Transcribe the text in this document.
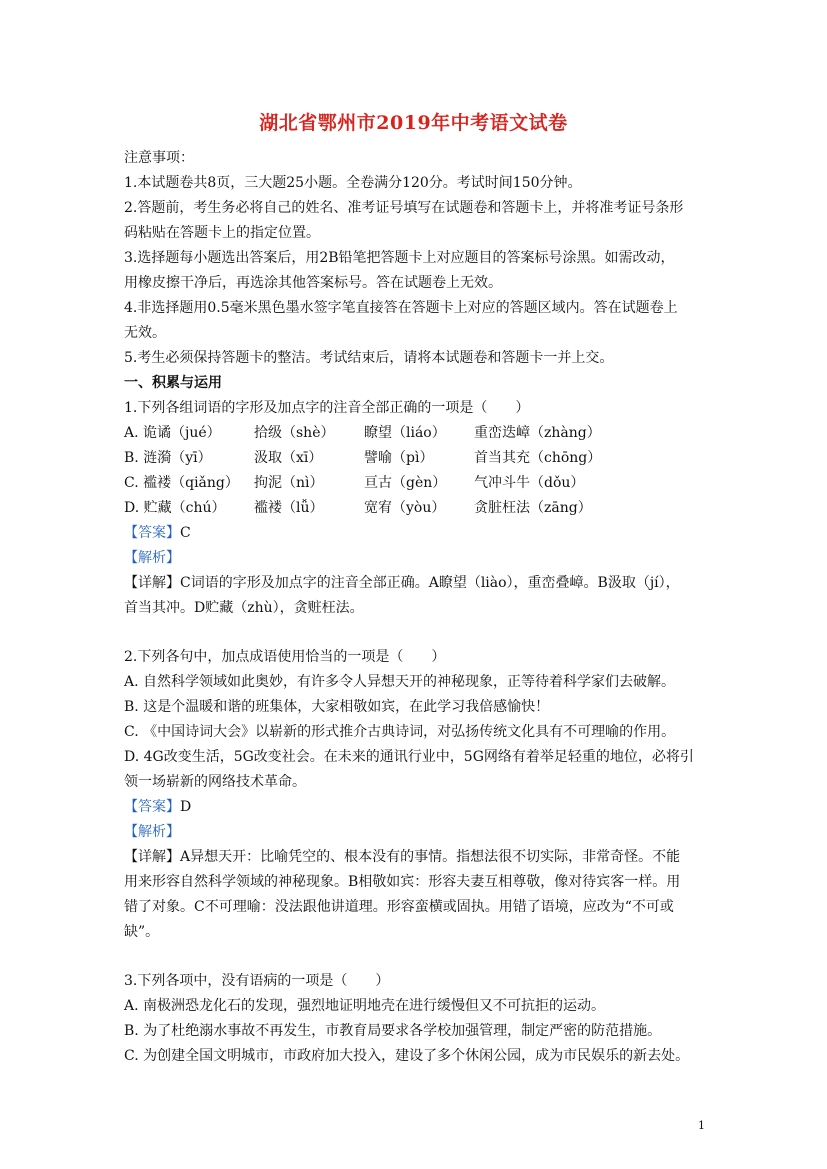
湖北省鄂州市2019年中考语文试卷
注意事项：
1.本试题卷共8页，三大题25小题。全卷满分120分。考试时间150分钟。
2.答题前，考生务必将自己的姓名、准考证号填写在试题卷和答题卡上，并将准考证号条形
码粘贴在答题卡上的指定位置。
3.选择题每小题选出答案后，用2B铅笔把答题卡上对应题目的答案标号涂黑。如需改动，
用橡皮擦干净后，再选涂其他答案标号。答在试题卷上无效。
4.非选择题用0.5毫米黑色墨水签字笔直接答在答题卡上对应的答题区域内。答在试题卷上
无效。
5.考生必须保持答题卡的整洁。考试结束后，请将本试题卷和答题卡一并上交。
一、积累与运用
1.下列各组词语的字形及加点字的注音全部正确的一项是（　　）
A. 诡谲（jué）	拾级（shè）	瞭望（liáo）	重峦迭嶂（zhàng）
B. 涟漪（yī）	汲取（xī）	譬喻（pì）	首当其充（chōng）
C. 褴褛（qiǎng）	拘泥（nì）	亘古（gèn）	气冲斗牛（dǒu）
D. 贮藏（chú）	褴褛（lǚ）	宽宥（yòu）	贪脏枉法（zāng）
【答案】C
【解析】
【详解】C词语的字形及加点字的注音全部正确。A瞭望（liào），重峦叠嶂。B汲取（jí），
首当其冲。D贮藏（zhù），贪赃枉法。
2.下列各句中，加点成语使用恰当的一项是（　　）
A. 自然科学领域如此奥妙，有许多令人异想天开的神秘现象，正等待着科学家们去破解。
B. 这是个温暖和谐的班集体，大家相敬如宾，在此学习我倍感愉快！
C. 《中国诗词大会》以崭新的形式推介古典诗词，对弘扬传统文化具有不可理喻的作用。
D. 4G改变生活，5G改变社会。在未来的通讯行业中，5G网络有着举足轻重的地位，必将引
领一场崭新的网络技术革命。
【答案】D
【解析】
【详解】A异想天开：比喻凭空的、根本没有的事情。指想法很不切实际，非常奇怪。不能
用来形容自然科学领域的神秘现象。B相敬如宾：形容夫妻互相尊敬，像对待宾客一样。用
错了对象。C不可理喻：没法跟他讲道理。形容蛮横或固执。用错了语境，应改为“不可或
缺”。
3.下列各项中，没有语病的一项是（　　）
A. 南极洲恐龙化石的发现，强烈地证明地壳在进行缓慢但又不可抗拒的运动。
B. 为了杜绝溺水事故不再发生，市教育局要求各学校加强管理，制定严密的防范措施。
C. 为创建全国文明城市，市政府加大投入，建设了多个休闲公园，成为市民娱乐的新去处。
1
